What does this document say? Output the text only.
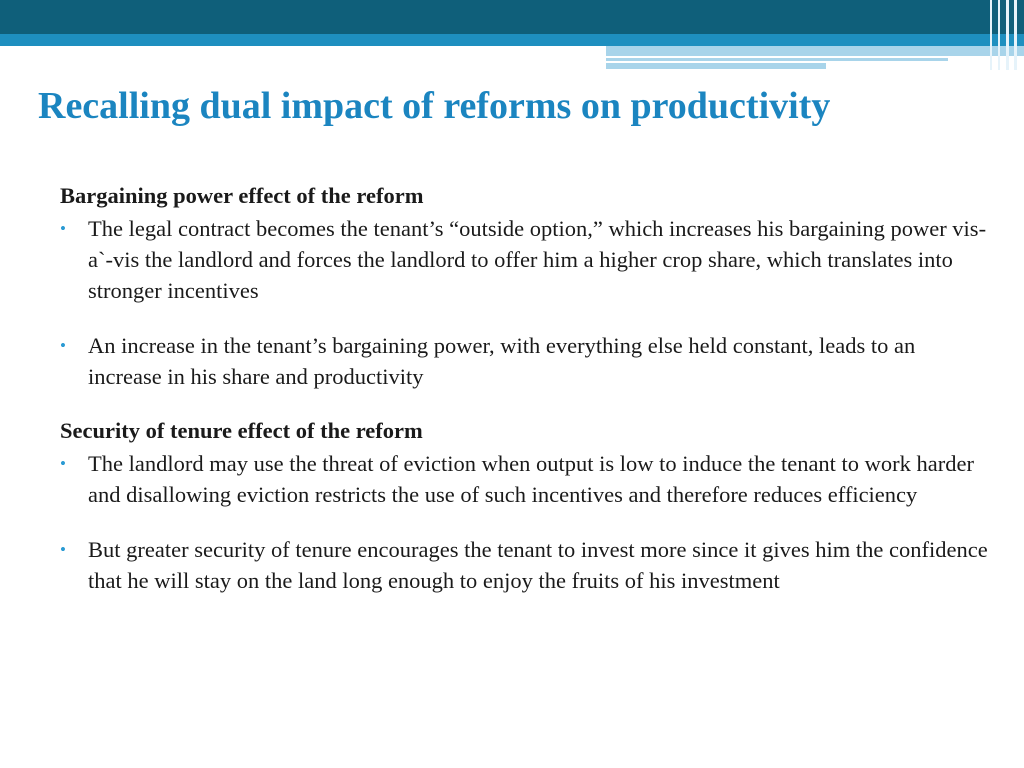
Recalling dual impact of reforms on productivity

Bargaining power effect of the reform

• The legal contract becomes the tenant’s “outside option,” which increases his bargaining power vis-a`-vis the landlord and forces the landlord to offer him a higher crop share, which translates into stronger incentives
• An increase in the tenant’s bargaining power, with everything else held constant, leads to an increase in his share and productivity

Security of tenure effect of the reform

• The landlord may use the threat of eviction when output is low to induce the tenant to work harder and disallowing eviction restricts the use of such incentives and therefore reduces efficiency
• But greater security of tenure encourages the tenant to invest more since it gives him the confidence that he will stay on the land long enough to enjoy the fruits of his investment
